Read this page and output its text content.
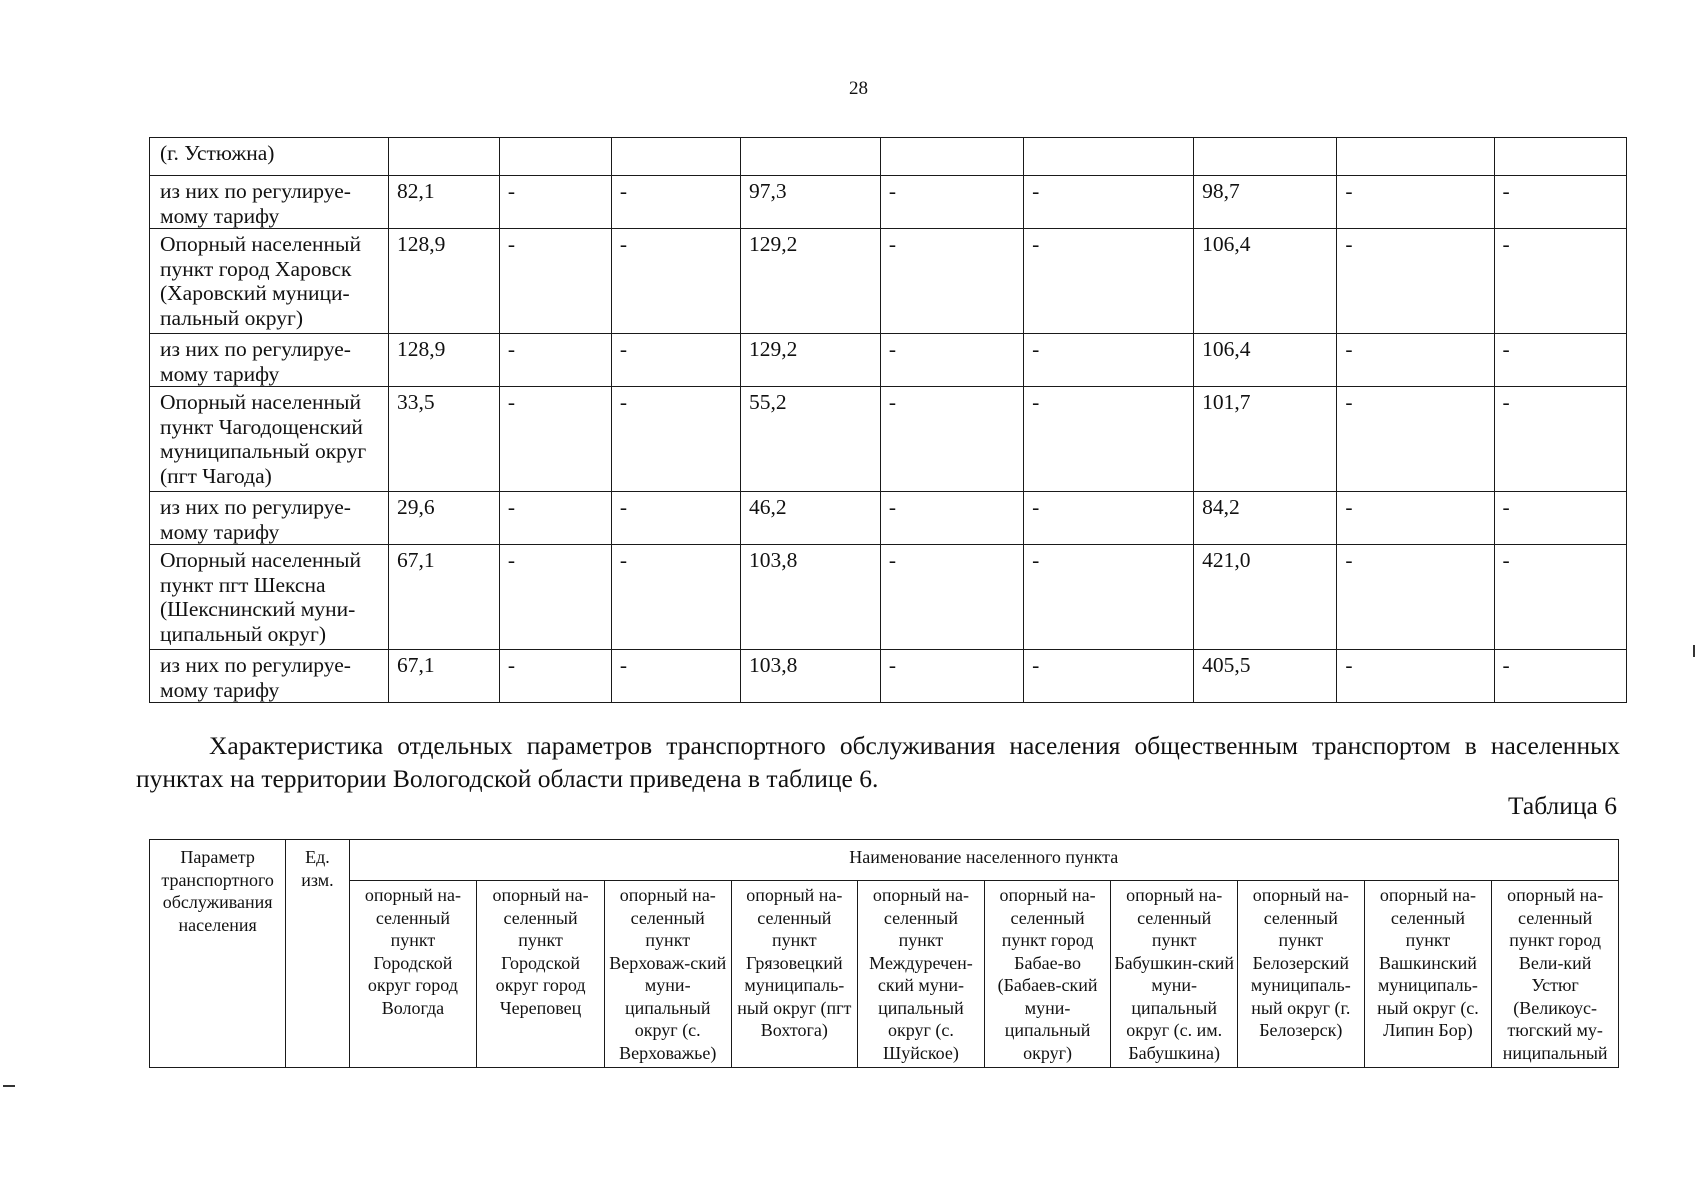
28
(г. Устюжна)									
из них по регулируе-мому тарифу	82,1	-	-	97,3	-	-	98,7	-	-
Опорный населенный пункт город Харовск (Харовский муници-пальный округ)	128,9	-	-	129,2	-	-	106,4	-	-
из них по регулируе-мому тарифу	128,9	-	-	129,2	-	-	106,4	-	-
Опорный населенный пункт Чагодощенский муниципальный округ (пгт Чагода)	33,5	-	-	55,2	-	-	101,7	-	-
из них по регулируе-мому тарифу	29,6	-	-	46,2	-	-	84,2	-	-
Опорный населенный пункт пгт Шексна (Шекснинский муни-ципальный округ)	67,1	-	-	103,8	-	-	421,0	-	-
из них по регулируе-мому тарифу	67,1	-	-	103,8	-	-	405,5	-	-

Характеристика отдельных параметров транспортного обслуживания населения общественным транспортом в населенных пунктах на территории Вологодской области приведена в таблице 6.

Таблица 6
Параметр транспортного обслуживания населения	Ед. изм.	Наименование населенного пункта									
		опорный на-селенный пункт Городской округ город Вологда	опорный на-селенный пункт Городской округ город Череповец	опорный на-селенный пункт Верховаж-ский муни-ципальный округ (с. Верховажье)	опорный на-селенный пункт Грязовецкий муниципаль-ный округ (пгт Вохтога)	опорный на-селенный пункт Междуречен-ский муни-ципальный округ (с. Шуйское)	опорный на-селенный пункт город Бабае-во (Бабаев-ский муни-ципальный округ)	опорный на-селенный пункт Бабушкин-ский муни-ципальный округ (с. им. Бабушкина)	опорный на-селенный пункт Белозерский муниципаль-ный округ (г. Белозерск)	опорный на-селенный пункт Вашкинский муниципаль-ный округ (с. Липин Бор)	опорный на-селенный пункт город Вели-кий Устюг (Великоус-тюгский му-ниципальный
